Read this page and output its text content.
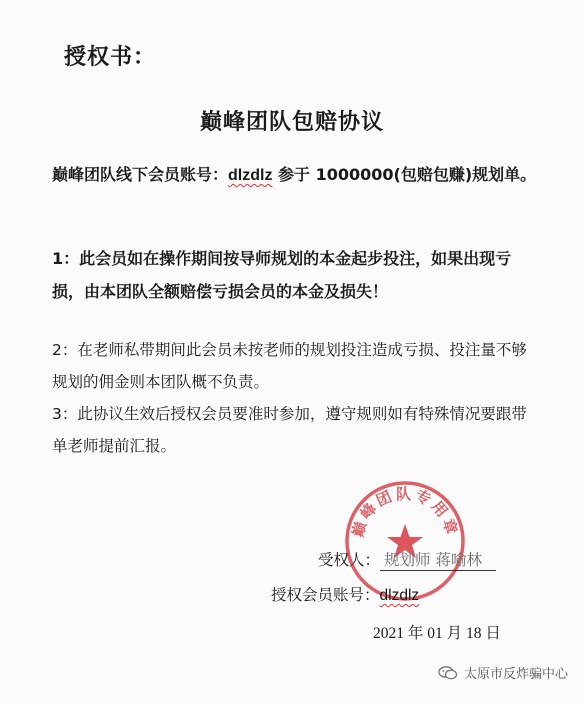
授权书：
巅峰团队包赔协议
巅峰团队线下会员账号：dlzdlz 参于 1000000(包赔包赚)规划单。
1：此会员如在操作期间按导师规划的本金起步投注，如果出现亏损，由本团队全额赔偿亏损会员的本金及损失！
2：在老师私带期间此会员未按老师的规划投注造成亏损、投注量不够规划的佣金则本团队概不负责。
3：此协议生效后授权会员要准时参加，遵守规则如有特殊情况要跟带单老师提前汇报。
巅峰团队专用章
受权人： 规划师 蒋喻林
授权会员账号：dlzdlz
2021 年 01 月 18 日
太原市反炸骗中心
